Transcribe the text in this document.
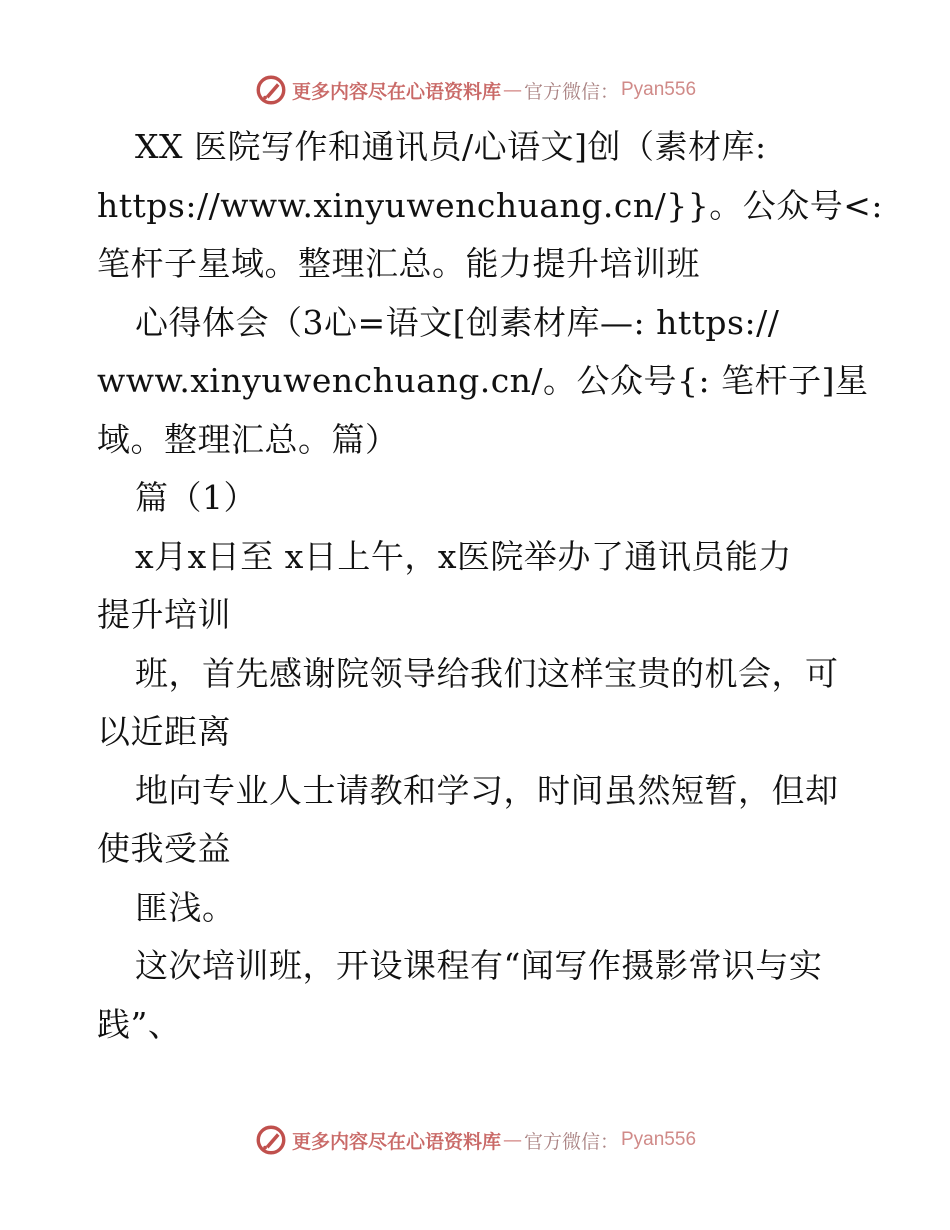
更多内容尽在心语资料库 — 官方微信： Pyan556
XX 医院写作和通讯员/心语文]创（素材库:
https://www.xinyuwenchuang.cn/}}。公众号<:
笔杆子星域。整理汇总。能力提升培训班
心得体会（3心=语文[创素材库—: https://
www.xinyuwenchuang.cn/。公众号{: 笔杆子]星
域。整理汇总。篇）
篇（1）
x月x日至 x日上午，x医院举办了通讯员能力
提升培训
班，首先感谢院领导给我们这样宝贵的机会，可
以近距离
地向专业人士请教和学习，时间虽然短暂，但却
使我受益
匪浅。
这次培训班，开设课程有“闻写作摄影常识与实
践”、
更多内容尽在心语资料库 — 官方微信： Pyan556
